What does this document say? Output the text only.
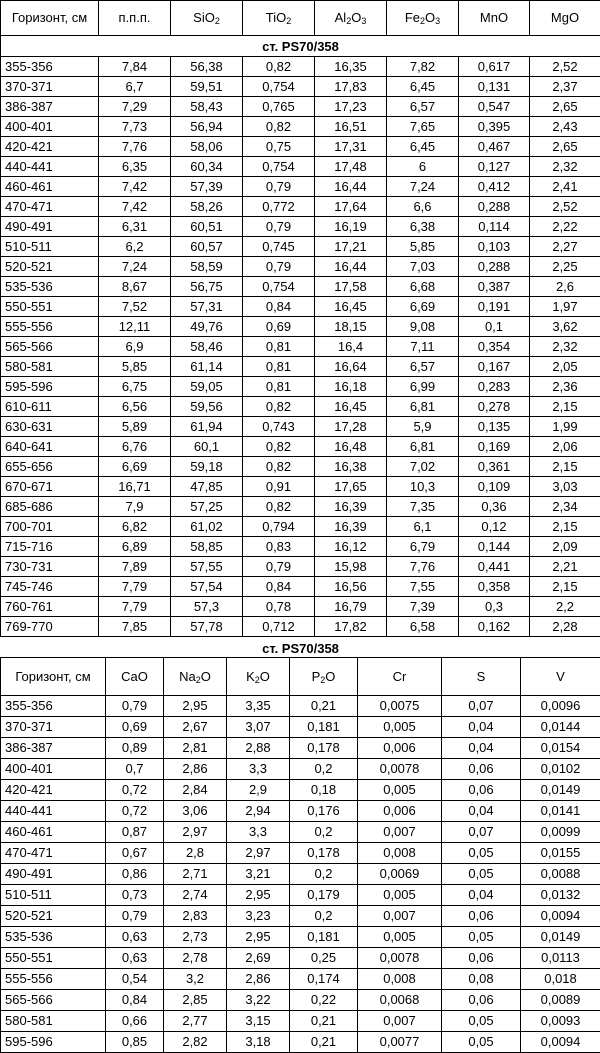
Горизонт, см	п.п.п.	SiO$_2$	TiO$_2$	$Al_2O_3$	$Fe_2O_3$	MnO	MgO
ст. PS70/358							
355-356	7,84	56,38	0,82	16,35	7,82	0,617	2,52
370-371	6,7	59,51	0,754	17,83	6,45	0,131	2,37
386-387	7,29	58,43	0,765	17,23	6,57	0,547	2,65
400-401	7,73	56,94	0,82	16,51	7,65	0,395	2,43
420-421	7,76	58,06	0,75	17,31	6,45	0,467	2,65
440-441	6,35	60,34	0,754	17,48	6	0,127	2,32
460-461	7,42	57,39	0,79	16,44	7,24	0,412	2,41
470-471	7,42	58,26	0,772	17,64	6,6	0,288	2,52
490-491	6,31	60,51	0,79	16,19	6,38	0,114	2,22
510-511	6,2	60,57	0,745	17,21	5,85	0,103	2,27
520-521	7,24	58,59	0,79	16,44	7,03	0,288	2,25
535-536	8,67	56,75	0,754	17,58	6,68	0,387	2,6
550-551	7,52	57,31	0,84	16,45	6,69	0,191	1,97
555-556	12,11	49,76	0,69	18,15	9,08	0,1	3,62
565-566	6,9	58,46	0,81	16,4	7,11	0,354	2,32
580-581	5,85	61,14	0,81	16,64	6,57	0,167	2,05
595-596	6,75	59,05	0,81	16,18	6,99	0,283	2,36
610-611	6,56	59,56	0,82	16,45	6,81	0,278	2,15
630-631	5,89	61,94	0,743	17,28	5,9	0,135	1,99
640-641	6,76	60,1	0,82	16,48	6,81	0,169	2,06
655-656	6,69	59,18	0,82	16,38	7,02	0,361	2,15
670-671	16,71	47,85	0,91	17,65	10,3	0,109	3,03
685-686	7,9	57,25	0,82	16,39	7,35	0,36	2,34
700-701	6,82	61,02	0,794	16,39	6,1	0,12	2,15
715-716	6,89	58,85	0,83	16,12	6,79	0,144	2,09
730-731	7,89	57,55	0,79	15,98	7,76	0,441	2,21
745-746	7,79	57,54	0,84	16,56	7,55	0,358	2,15
760-761	7,79	57,3	0,78	16,79	7,39	0,3	2,2
769-770	7,85	57,78	0,712	17,82	6,58	0,162	2,28
ст. PS70/358							
Горизонт, см	CaO	$Na_2O$	$K_2O$	$P_2O$	Cr	S	V
355-356	0,79	2,95	3,35	0,21	0,0075	0,07	0,0096
370-371	0,69	2,67	3,07	0,181	0,005	0,04	0,0144
386-387	0,89	2,81	2,88	0,178	0,006	0,04	0,0154
400-401	0,7	2,86	3,3	0,2	0,0078	0,06	0,0102
420-421	0,72	2,84	2,9	0,18	0,005	0,06	0,0149
440-441	0,72	3,06	2,94	0,176	0,006	0,04	0,0141
460-461	0,87	2,97	3,3	0,2	0,007	0,07	0,0099
470-471	0,67	2,8	2,97	0,178	0,008	0,05	0,0155
490-491	0,86	2,71	3,21	0,2	0,0069	0,05	0,0088
510-511	0,73	2,74	2,95	0,179	0,005	0,04	0,0132
520-521	0,79	2,83	3,23	0,2	0,007	0,06	0,0094
535-536	0,63	2,73	2,95	0,181	0,005	0,05	0,0149
550-551	0,63	2,78	2,69	0,25	0,0078	0,06	0,0113
555-556	0,54	3,2	2,86	0,174	0,008	0,08	0,018
565-566	0,84	2,85	3,22	0,22	0,0068	0,06	0,0089
580-581	0,66	2,77	3,15	0,21	0,007	0,05	0,0093
595-596	0,85	2,82	3,18	0,21	0,0077	0,05	0,0094
